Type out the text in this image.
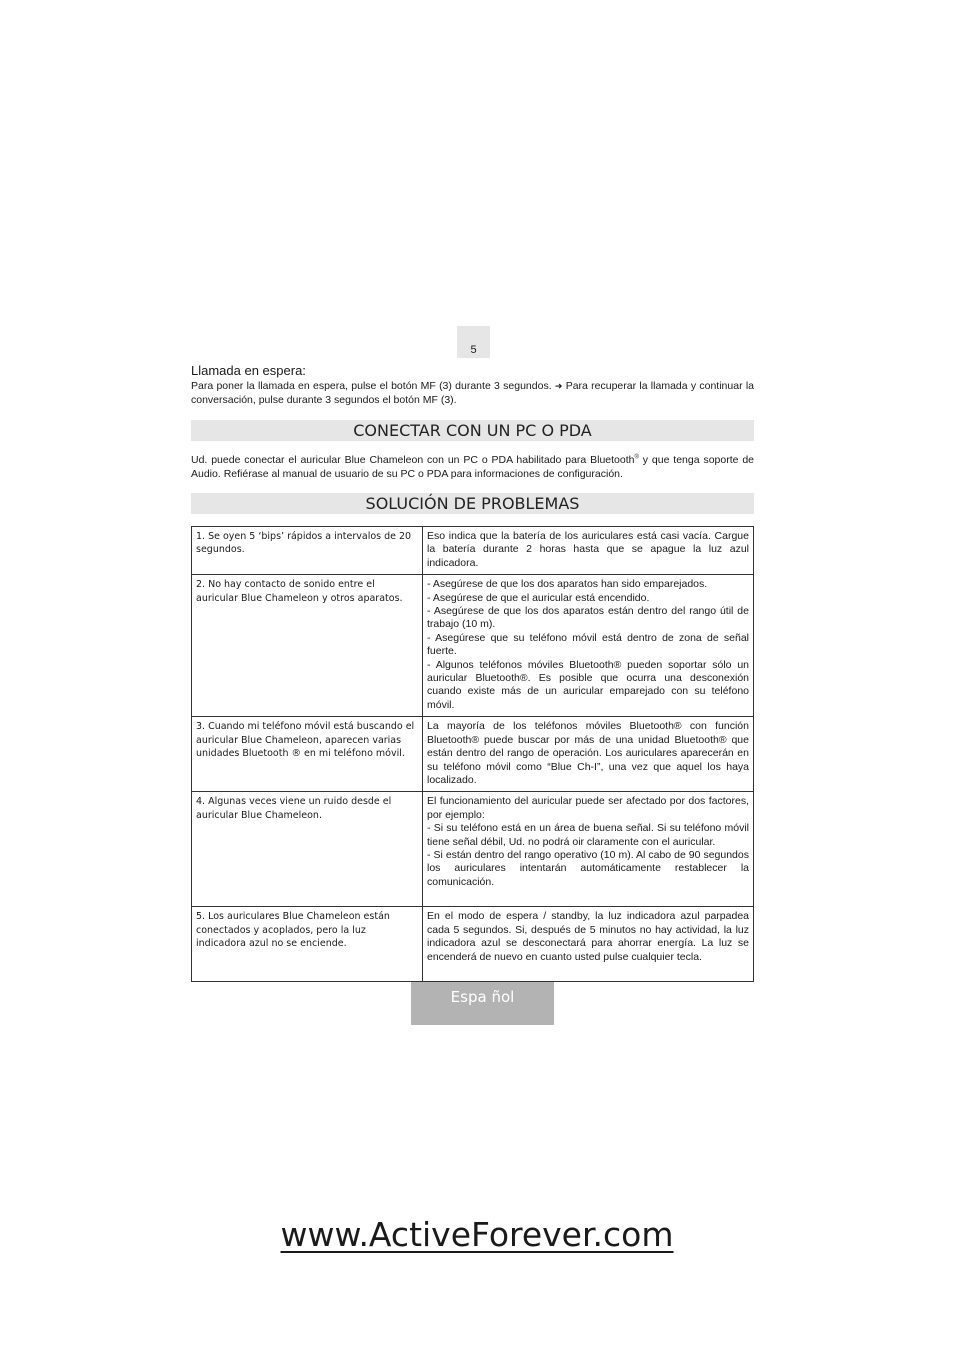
5
Llamada en espera:

Para poner la llamada en espera, pulse el botón MF (3) durante 3 segundos. ➜ Para recuperar la llamada y continuar la conversación, pulse durante 3 segundos el botón MF (3).

CONECTAR CON UN PC O PDA

Ud. puede conectar el auricular Blue Chameleon con un PC o PDA habilitado para Bluetooth® y que tenga soporte de Audio. Refiérase al manual de usuario de su PC o PDA para informaciones de configuración.

SOLUCIÓN DE PROBLEMAS
1. Se oyen 5 ‘bips’ rápidos a intervalos de 20 segundos.	Eso indica que la batería de los auriculares está casi vacía. Cargue la batería durante 2 horas hasta que se apague la luz azul indicadora.

2. No hay contacto de sonido entre el auricular Blue Chameleon y otros aparatos.	- Asegúrese de que los dos aparatos han sido emparejados.
- Asegúrese de que el auricular está encendido.
- Asegúrese de que los dos aparatos están dentro del rango útil de trabajo (10 m).
- Asegúrese que su teléfono móvil está dentro de zona de señal fuerte.
- Algunos teléfonos móviles Bluetooth® pueden soportar sólo un auricular Bluetooth®. Es posible que ocurra una desconexión cuando existe más de un auricular emparejado con su teléfono móvil.

3. Cuando mi teléfono móvil está buscando el auricular Blue Chameleon, aparecen varias unidades Bluetooth ® en mi teléfono móvil.	La mayoría de los teléfonos móviles Bluetooth® con función Bluetooth® puede buscar por más de una unidad Bluetooth® que están dentro del rango de operación. Los auriculares aparecerán en su teléfono móvil como “Blue Ch-I”, una vez que aquel los haya localizado.

4. Algunas veces viene un ruido desde el auricular Blue Chameleon.	El funcionamiento del auricular puede ser afectado por dos factores, por ejemplo:
- Si su teléfono está en un área de buena señal. Si su teléfono móvil tiene señal débil, Ud. no podrá oir claramente con el auricular.
- Si están dentro del rango operativo (10 m). Al cabo de 90 segundos los auriculares intentarán automáticamente restablecer la comunicación.

5. Los auriculares Blue Chameleon están conectados y acoplados, pero la luz indicadora azul no se enciende.	En el modo de espera / standby, la luz indicadora azul parpadea cada 5 segundos. Si, después de 5 minutos no hay actividad, la luz indicadora azul se desconectará para ahorrar energía. La luz se encenderá de nuevo en cuanto usted pulse cualquier tecla.
Espa ñol
www.ActiveForever.com
